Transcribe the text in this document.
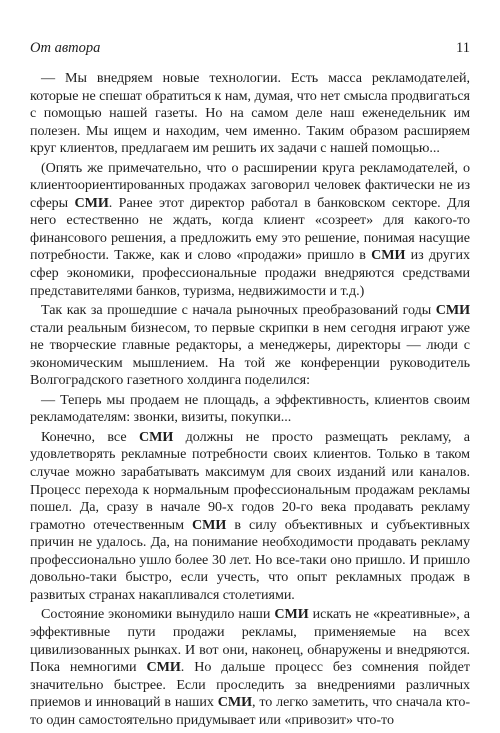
От автора	11

— Мы внедряем новые технологии. Есть масса рекламодателей, которые не спешат обратиться к нам, думая, что нет смысла продвигаться с помощью нашей газеты. Но на самом деле наш еженедельник им полезен. Мы ищем и находим, чем именно. Таким образом расширяем круг клиентов, предлагаем им решить их задачи с нашей помощью...

(Опять же примечательно, что о расширении круга рекламодателей, о клиентоориентированных продажах заговорил человек фактически не из сферы СМИ. Ранее этот директор работал в банковском секторе. Для него естественно не ждать, когда клиент «созреет» для какого-то финансового решения, а предложить ему это решение, понимая насущие потребности. Также, как и слово «продажи» пришло в СМИ из других сфер экономики, профессиональные продажи внедряются средствами представителями банков, туризма, недвижимости и т.д.)

Так как за прошедшие с начала рыночных преобразований годы СМИ стали реальным бизнесом, то первые скрипки в нем сегодня играют уже не творческие главные редакторы, а менеджеры, директоры — люди с экономическим мышлением. На той же конференции руководитель Волгоградского газетного холдинга поделился:

— Теперь мы продаем не площадь, а эффективность, клиентов своим рекламодателям: звонки, визиты, покупки...

Конечно, все СМИ должны не просто размещать рекламу, а удовлетворять рекламные потребности своих клиентов. Только в таком случае можно зарабатывать максимум для своих изданий или каналов. Процесс перехода к нормальным профессиональным продажам рекламы пошел. Да, сразу в начале 90-х годов 20-го века продавать рекламу грамотно отечественным СМИ в силу объективных и субъективных причин не удалось. Да, на понимание необходимости продавать рекламу профессионально ушло более 30 лет. Но все-таки оно пришло. И пришло довольно-таки быстро, если учесть, что опыт рекламных продаж в развитых странах накапливался столетиями.

Состояние экономики вынудило наши СМИ искать не «креативные», а эффективные пути продажи рекламы, применяемые на всех цивилизованных рынках. И вот они, наконец, обнаружены и внедряются. Пока немногими СМИ. Но дальше процесс без сомнения пойдет значительно быстрее. Если проследить за внедрениями различных приемов и инноваций в наших СМИ, то легко заметить, что сначала кто-то один самостоятельно придумывает или «привозит» что-то
